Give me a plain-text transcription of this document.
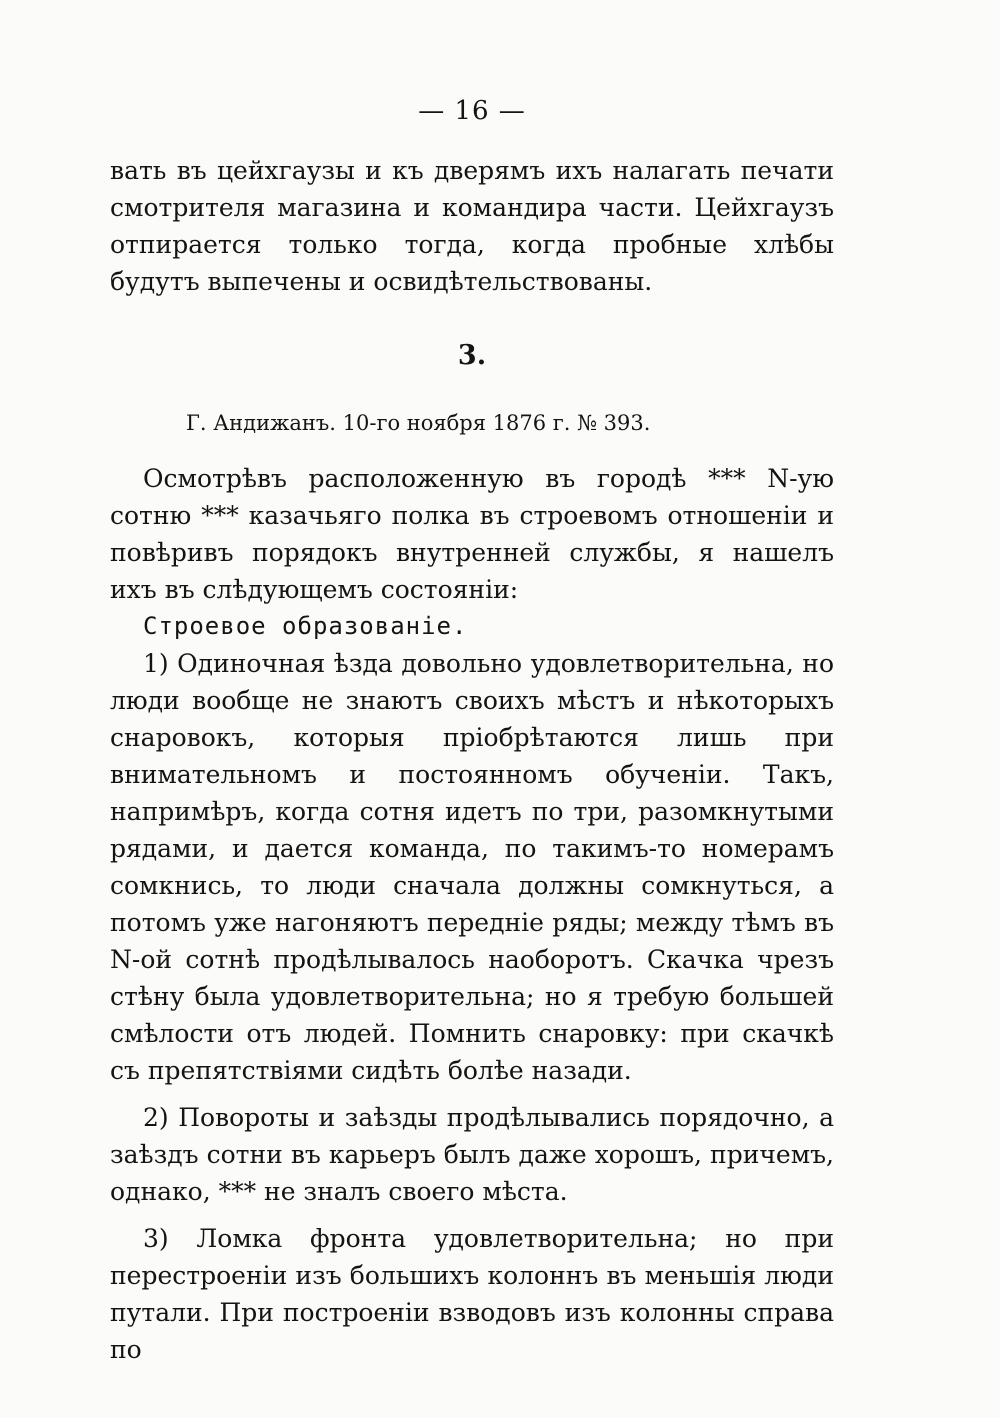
— 16 —

вать въ цейхгаузы и къ дверямъ ихъ налагать печати смотрителя магазина и командира части. Цейхгаузъ отпирается только тогда, когда пробные хлѣбы будутъ выпечены и освидѣтельствованы.

3.

Г. Андижанъ. 10-го ноября 1876 г. № 393.

Осмотрѣвъ расположенную въ городѣ *** N-ую сотню *** казачьяго полка въ строевомъ отношенiи и повѣривъ порядокъ внутренней службы, я нашелъ ихъ въ слѣдующемъ состоянiи:

Строевое образованіе.

1) Одиночная ѣзда довольно удовлетворительна, но люди вообще не знаютъ своихъ мѣстъ и нѣкоторыхъ снаровокъ, которыя прiобрѣтаются лишь при внимательномъ и постоянномъ обученiи. Такъ, напримѣръ, когда сотня идетъ по три, разомкнутыми рядами, и дается команда, по такимъ-то номерамъ сомкнись, то люди сначала должны сомкнуться, а потомъ уже нагоняютъ переднiе ряды; между тѣмъ въ N-ой сотнѣ продѣлывалось наоборотъ. Скачка чрезъ стѣну была удовлетворительна; но я требую большей смѣлости отъ людей. Помнить снаровку: при скачкѣ съ препятствiями сидѣть болѣе назади.

2) Повороты и заѣзды продѣлывались порядочно, а заѣздъ сотни въ карьеръ былъ даже хорошъ, причемъ, однако, *** не зналъ своего мѣста.

3) Ломка фронта удовлетворительна; но при перестроенiи изъ большихъ колоннъ въ меньшiя люди путали. При построенiи взводовъ изъ колонны справа по
